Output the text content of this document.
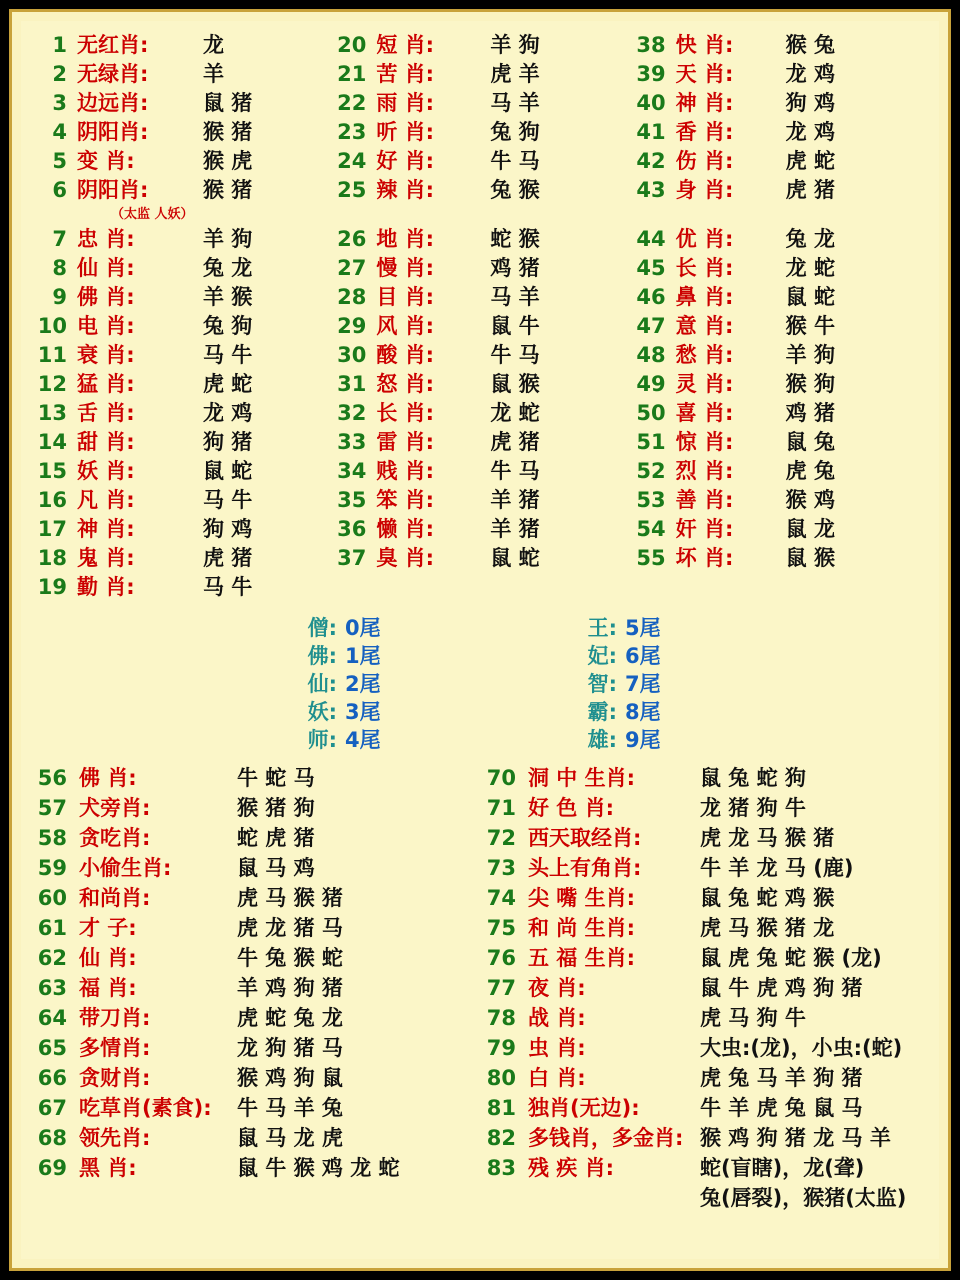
1 无红肖:	龙
2 无绿肖:	羊
3 边远肖:	鼠 猪
4 阴阳肖:	猴 猪
5 变 肖:	猴 虎
6 阴阳肖:	猴 猪
（太监 人妖）
7 忠 肖:	羊 狗
8 仙 肖:	兔 龙
9 佛 肖:	羊 猴
10 电 肖:	兔 狗
11 衰 肖:	马 牛
12 猛 肖:	虎 蛇
13 舌 肖:	龙 鸡
14 甜 肖:	狗 猪
15 妖 肖:	鼠 蛇
16 凡 肖:	马 牛
17 神 肖:	狗 鸡
18 鬼 肖:	虎 猪
19 勤 肖:	马 牛
20 短 肖:	羊 狗
21 苦 肖:	虎 羊
22 雨 肖:	马 羊
23 听 肖:	兔 狗
24 好 肖:	牛 马
25 辣 肖:	兔 猴

26 地 肖:	蛇 猴
27 慢 肖:	鸡 猪
28 目 肖:	马 羊
29 风 肖:	鼠 牛
30 酸 肖:	牛 马
31 怒 肖:	鼠 猴
32 长 肖:	龙 蛇
33 雷 肖:	虎 猪
34 贱 肖:	牛 马
35 笨 肖:	羊 猪
36 懒 肖:	羊 猪
37 臭 肖:	鼠 蛇
38 快 肖:	猴 兔
39 天 肖:	龙 鸡
40 神 肖:	狗 鸡
41 香 肖:	龙 鸡
42 伤 肖:	虎 蛇
43 身 肖:	虎 猪

44 优 肖:	兔 龙
45 长 肖:	龙 蛇
46 鼻 肖:	鼠 蛇
47 意 肖:	猴 牛
48 愁 肖:	羊 狗
49 灵 肖:	猴 狗
50 喜 肖:	鸡 猪
51 惊 肖:	鼠 兔
52 烈 肖:	虎 兔
53 善 肖:	猴 鸡
54 奸 肖:	鼠 龙
55 坏 肖:	鼠 猴
僧: 0尾
佛: 1尾
仙: 2尾
妖: 3尾
师: 4尾
王: 5尾
妃: 6尾
智: 7尾
霸: 8尾
雄: 9尾
56 佛 肖:	牛 蛇 马
57 犬旁肖:	猴 猪 狗
58 贪吃肖:	蛇 虎 猪
59 小偷生肖:	鼠 马 鸡
60 和尚肖:	虎 马 猴 猪
61 才 子:	虎 龙 猪 马
62 仙 肖:	牛 兔 猴 蛇
63 福 肖:	羊 鸡 狗 猪
64 带刀肖:	虎 蛇 兔 龙
65 多情肖:	龙 狗 猪 马
66 贪财肖:	猴 鸡 狗 鼠
67 吃草肖(素食):	牛 马 羊 兔
68 领先肖:	鼠 马 龙 虎
69 黑 肖:	鼠 牛 猴 鸡 龙 蛇
70 洞 中 生肖:	鼠 兔 蛇 狗
71 好 色 肖:	龙 猪 狗 牛
72 西天取经肖:	虎 龙 马 猴 猪
73 头上有角肖:	牛 羊 龙 马 (鹿)
74 尖 嘴 生肖:	鼠 兔 蛇 鸡 猴
75 和 尚 生肖:	虎 马 猴 猪 龙
76 五 福 生肖:	鼠 虎 兔 蛇 猴 (龙)
77 夜 肖:	鼠 牛 虎 鸡 狗 猪
78 战 肖:	虎 马 狗 牛
79 虫 肖:	大虫:(龙)，小虫:(蛇)
80 白 肖:	虎 兔 马 羊 狗 猪
81 独肖(无边):	牛 羊 虎 兔 鼠 马
82 多钱肖，多金肖: 猴 鸡 狗 猪 龙 马 羊
83 残 疾 肖:	蛇(盲瞎)，龙(聋)
兔(唇裂)，猴猪(太监)
